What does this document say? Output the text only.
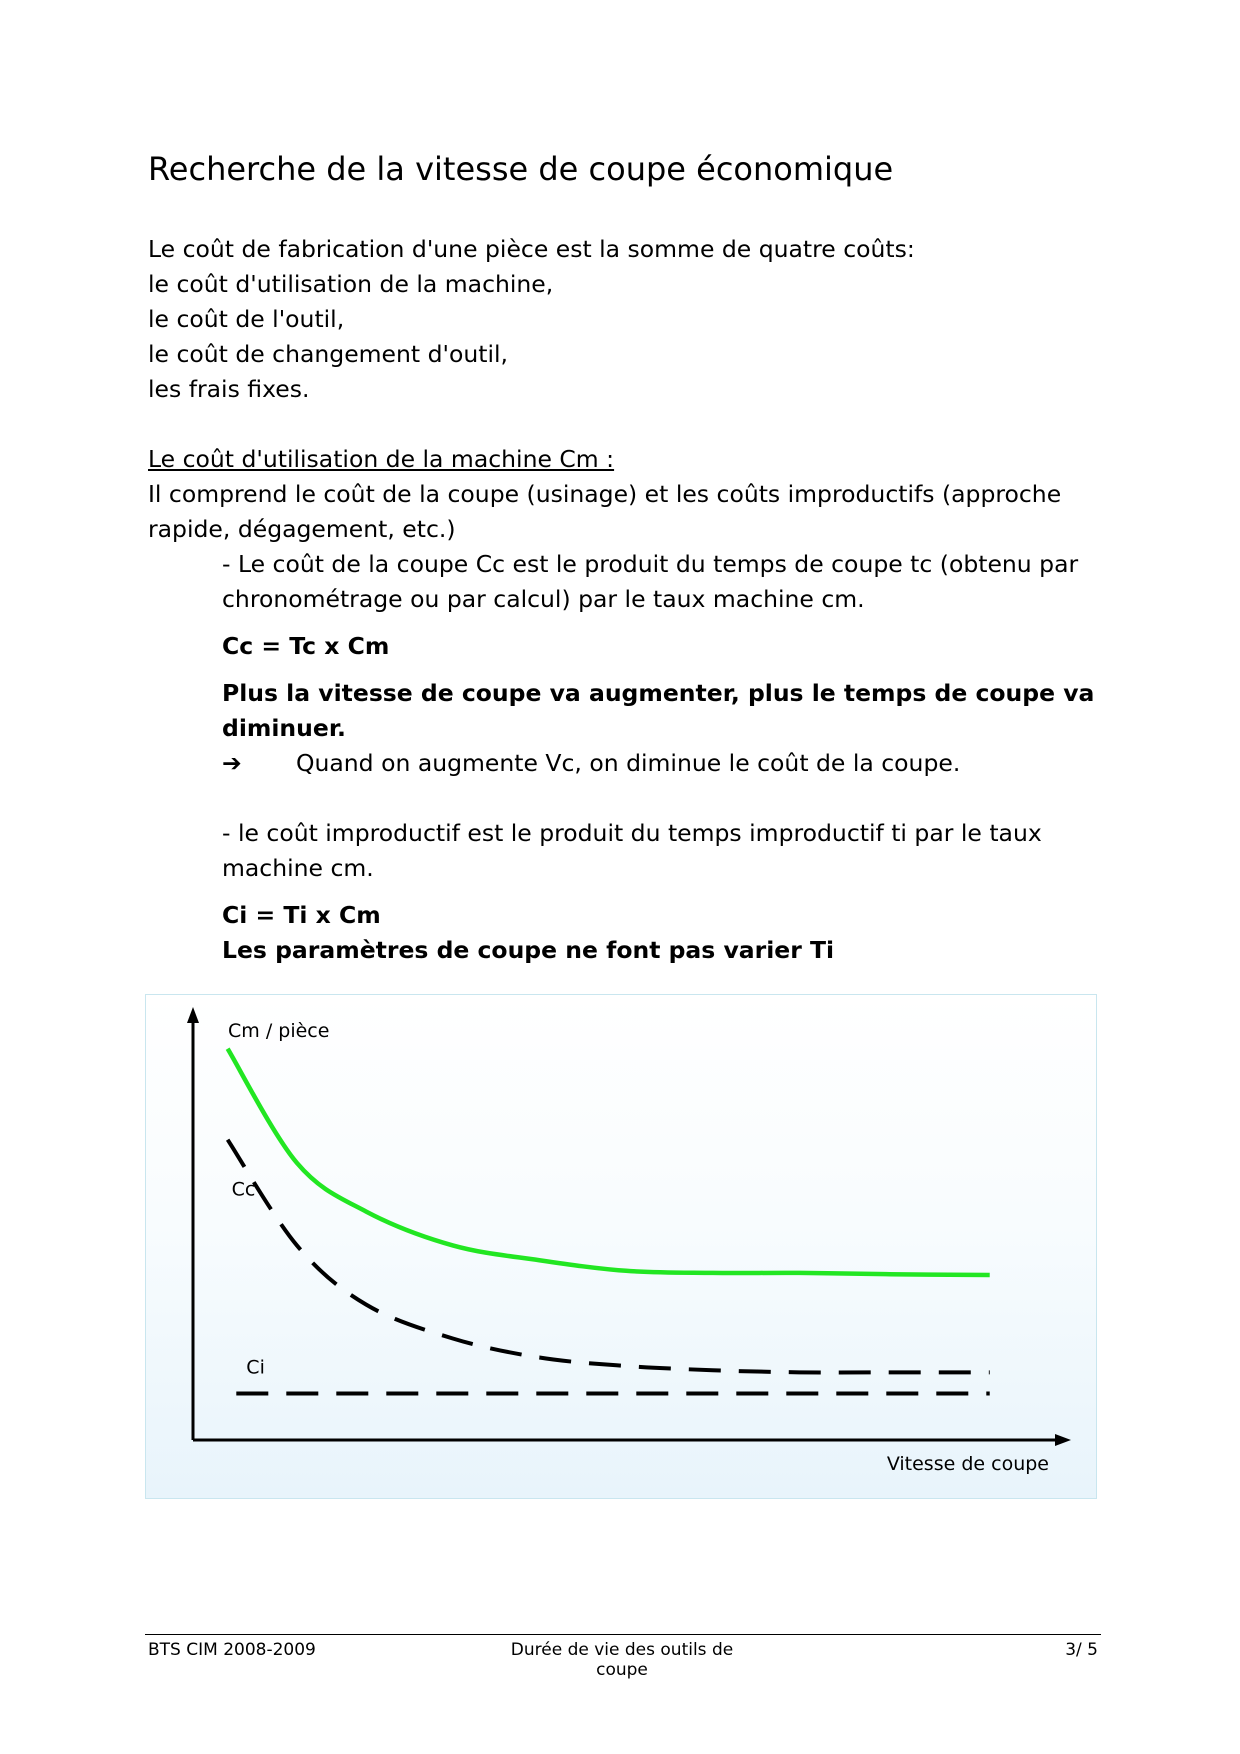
Recherche de la vitesse de coupe économique

Le coût de fabrication d'une pièce est la somme de quatre coûts:

le coût d'utilisation de la machine,

le coût de l'outil,

le coût de changement d'outil,

les frais fixes.

Le coût d'utilisation de la machine Cm :

Il comprend le coût de la coupe (usinage) et les coûts improductifs (approche

rapide, dégagement, etc.)

- Le coût de la coupe Cc est le produit du temps de coupe tc (obtenu par

chronométrage ou par calcul) par le taux machine cm.

Cc = Tc x Cm

Plus la vitesse de coupe va augmenter, plus le temps de coupe va

diminuer.

➔ Quand on augmente Vc, on diminue le coût de la coupe.

- le coût improductif est le produit du temps improductif ti par le taux

machine cm.

Ci = Ti x Cm

Les paramètres de coupe ne font pas varier Ti

Cm / pièce
Vitesse de coupe
Cc
Ci
BTS CIM 2008-2009	Durée de vie des outils de coupe
3/ 5
